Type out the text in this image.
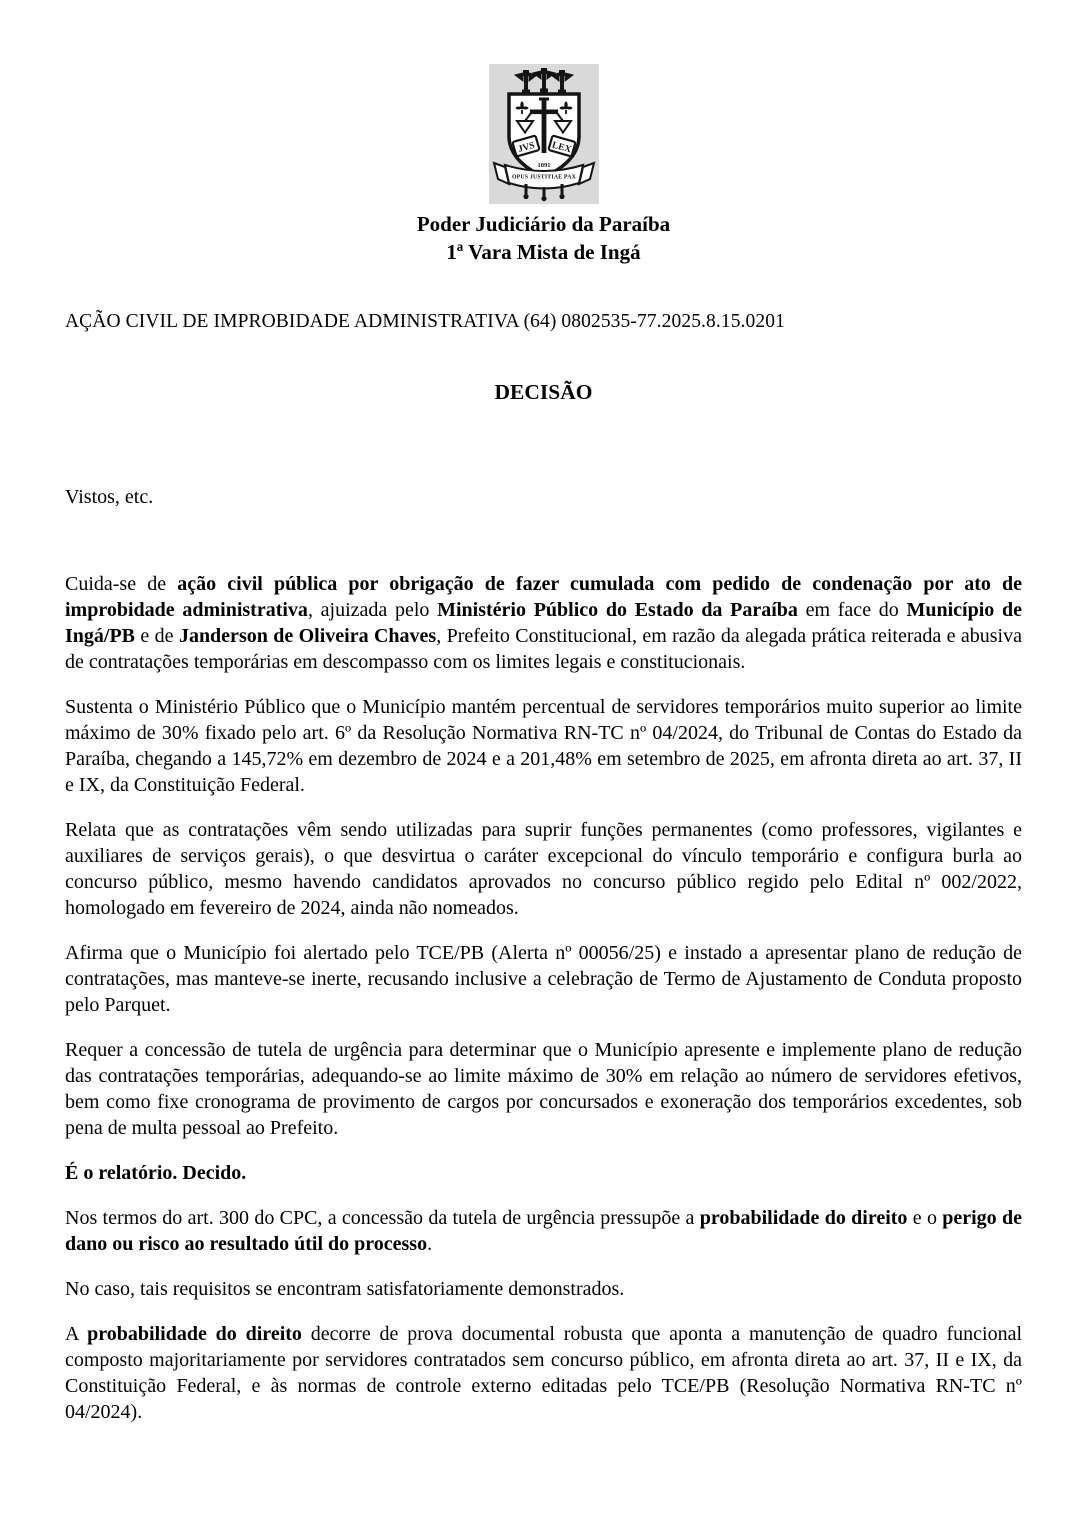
JVS LEX
1891
OPUS JUSTITIAE PAX
Poder Judiciário da Paraíba
1ª Vara Mista de Ingá
AÇÃO CIVIL DE IMPROBIDADE ADMINISTRATIVA (64) 0802535-77.2025.8.15.0201
DECISÃO

Vistos, etc.

Cuida-se de ação civil pública por obrigação de fazer cumulada com pedido de condenação por ato de improbidade administrativa, ajuizada pelo Ministério Público do Estado da Paraíba em face do Município de Ingá/PB e de Janderson de Oliveira Chaves, Prefeito Constitucional, em razão da alegada prática reiterada e abusiva de contratações temporárias em descompasso com os limites legais e constitucionais.

Sustenta o Ministério Público que o Município mantém percentual de servidores temporários muito superior ao limite máximo de 30% fixado pelo art. 6º da Resolução Normativa RN-TC nº 04/2024, do Tribunal de Contas do Estado da Paraíba, chegando a 145,72% em dezembro de 2024 e a 201,48% em setembro de 2025, em afronta direta ao art. 37, II e IX, da Constituição Federal.

Relata que as contratações vêm sendo utilizadas para suprir funções permanentes (como professores, vigilantes e auxiliares de serviços gerais), o que desvirtua o caráter excepcional do vínculo temporário e configura burla ao concurso público, mesmo havendo candidatos aprovados no concurso público regido pelo Edital nº 002/2022, homologado em fevereiro de 2024, ainda não nomeados.

Afirma que o Município foi alertado pelo TCE/PB (Alerta nº 00056/25) e instado a apresentar plano de redução de contratações, mas manteve-se inerte, recusando inclusive a celebração de Termo de Ajustamento de Conduta proposto pelo Parquet.

Requer a concessão de tutela de urgência para determinar que o Município apresente e implemente plano de redução das contratações temporárias, adequando-se ao limite máximo de 30% em relação ao número de servidores efetivos, bem como fixe cronograma de provimento de cargos por concursados e exoneração dos temporários excedentes, sob pena de multa pessoal ao Prefeito.

É o relatório. Decido.

Nos termos do art. 300 do CPC, a concessão da tutela de urgência pressupõe a probabilidade do direito e o perigo de dano ou risco ao resultado útil do processo.

No caso, tais requisitos se encontram satisfatoriamente demonstrados.

A probabilidade do direito decorre de prova documental robusta que aponta a manutenção de quadro funcional composto majoritariamente por servidores contratados sem concurso público, em afronta direta ao art. 37, II e IX, da Constituição Federal, e às normas de controle externo editadas pelo TCE/PB (Resolução Normativa RN-TC nº 04/2024).
